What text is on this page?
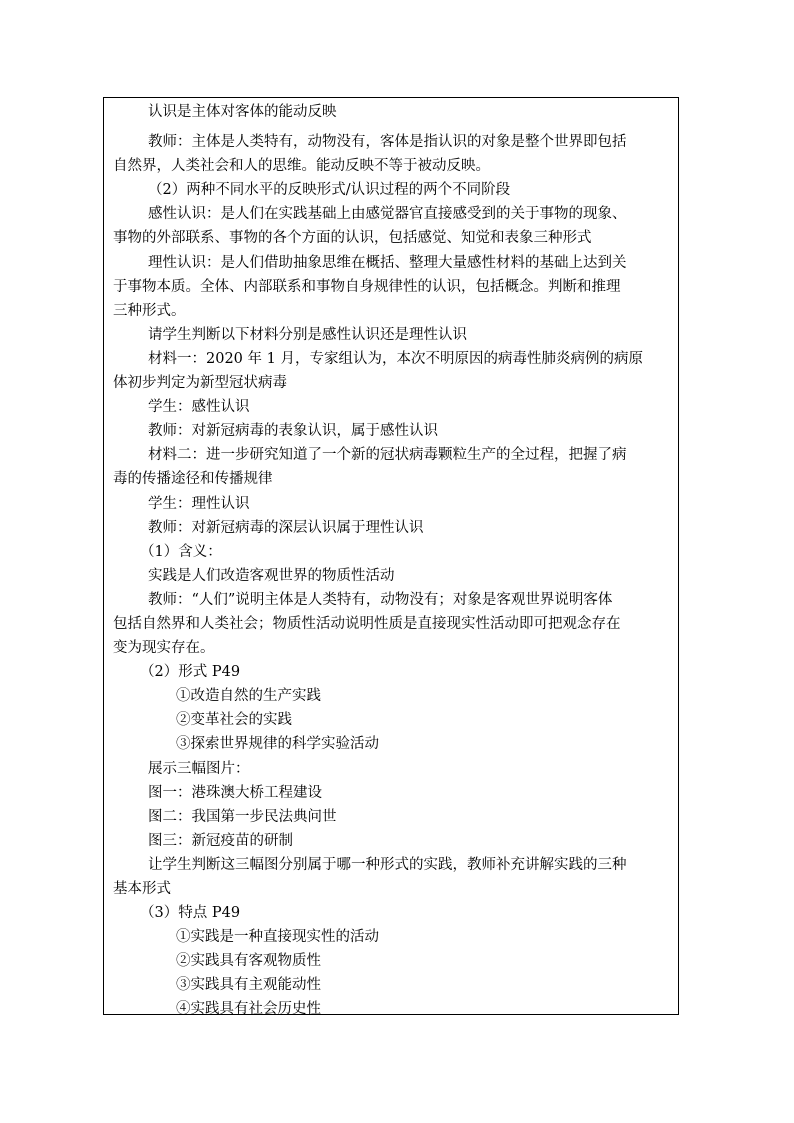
认识是主体对客体的能动反映
教师：主体是人类特有，动物没有，客体是指认识的对象是整个世界即包括
自然界，人类社会和人的思维。能动反映不等于被动反映。
（2）两种不同水平的反映形式/认识过程的两个不同阶段
感性认识：是人们在实践基础上由感觉器官直接感受到的关于事物的现象、
事物的外部联系、事物的各个方面的认识，包括感觉、知觉和表象三种形式
理性认识：是人们借助抽象思维在概括、整理大量感性材料的基础上达到关
于事物本质。全体、内部联系和事物自身规律性的认识，包括概念。判断和推理
三种形式。
请学生判断以下材料分别是感性认识还是理性认识
材料一：2020 年 1 月，专家组认为，本次不明原因的病毒性肺炎病例的病原
体初步判定为新型冠状病毒
学生：感性认识
教师：对新冠病毒的表象认识，属于感性认识
材料二：进一步研究知道了一个新的冠状病毒颗粒生产的全过程，把握了病
毒的传播途径和传播规律
学生：理性认识
教师：对新冠病毒的深层认识属于理性认识
（1）含义：
实践是人们改造客观世界的物质性活动
教师：“人们”说明主体是人类特有，动物没有；对象是客观世界说明客体
包括自然界和人类社会；物质性活动说明性质是直接现实性活动即可把观念存在
变为现实存在。
（2）形式 P49
①改造自然的生产实践
②变革社会的实践
③探索世界规律的科学实验活动
展示三幅图片：
图一：港珠澳大桥工程建设
图二：我国第一步民法典问世
图三：新冠疫苗的研制
让学生判断这三幅图分别属于哪一种形式的实践，教师补充讲解实践的三种
基本形式
（3）特点 P49
①实践是一种直接现实性的活动
②实践具有客观物质性
③实践具有主观能动性
④实践具有社会历史性
